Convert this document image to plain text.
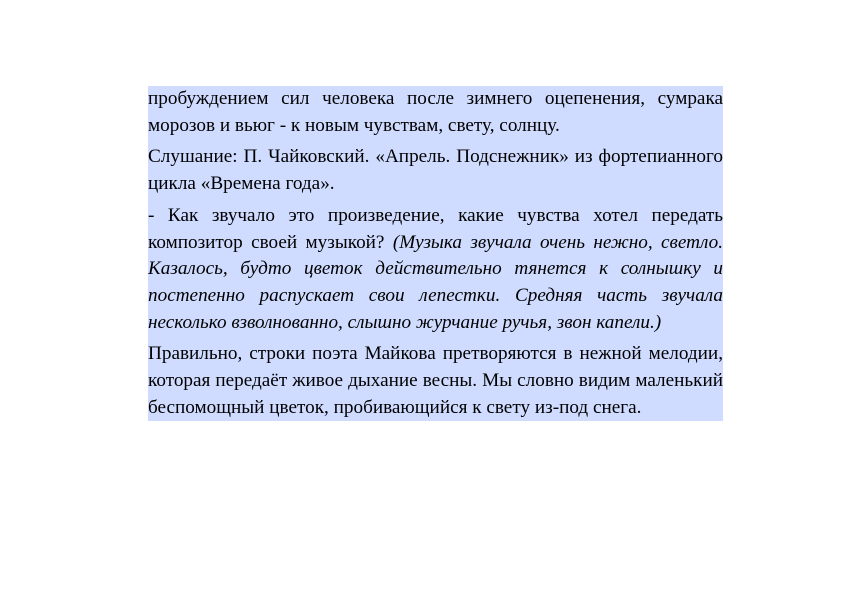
пробуждением сил человека после зимнего оцепенения, сумрака морозов и вьюг - к новым чувствам, свету, солнцу.

Слушание: П. Чайковский. «Апрель. Подснежник» из фортепианного цикла «Времена года».

- Как звучало это произведение, какие чувства хотел передать композитор своей музыкой? (Музыка звучала очень нежно, светло. Казалось, будто цветок действительно тянется к солнышку и постепенно распускает свои лепестки. Средняя часть звучала несколько взволнованно, слышно журчание ручья, звон капели.)

Правильно, строки поэта Майкова претворяются в нежной мелодии, которая передаёт живое дыхание весны. Мы словно видим маленький беспомощный цветок, пробивающийся к свету из-под снега.
